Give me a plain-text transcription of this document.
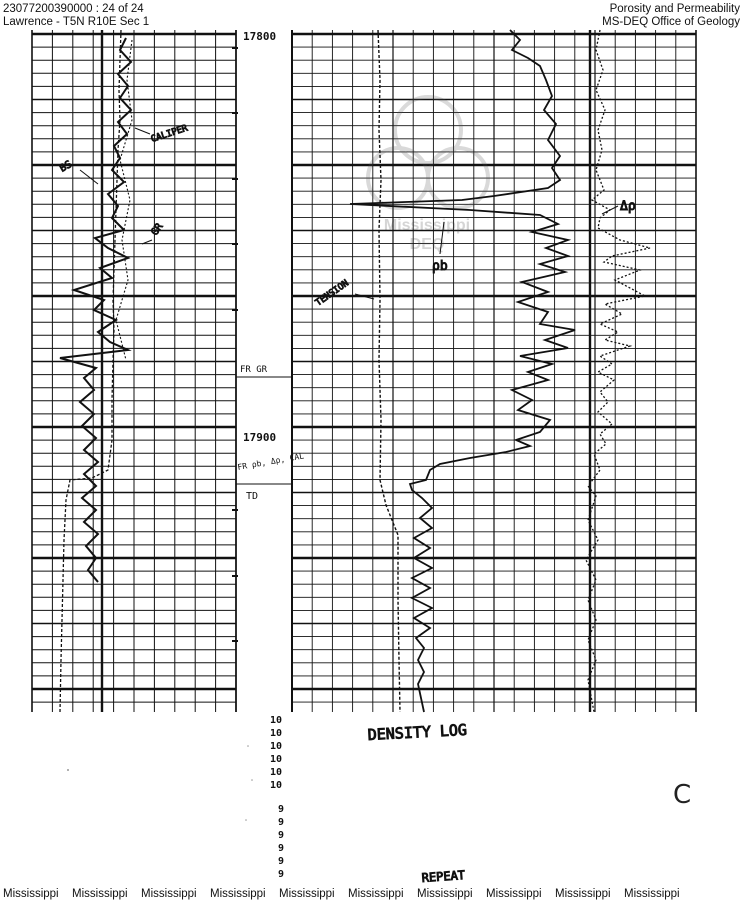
23077200390000 : 24 of 24
Lawrence - T5N R10E Sec 1
Porosity and Permeability
MS-DEQ Office of Geology
17800
17900
FR GR
FR ρb, Δρ, CAL
TD
Mississippi
DEQ
CALIPER
BS
GR
TENSION
ρb
Δρ
DENSITY LOG
REPEAT
10
10
10
10
10
10
9
9
9
9
9
9
C
Mississippi Mississippi Mississippi Mississippi Mississippi Mississippi Mississippi Mississippi Mississippi Mississippi
